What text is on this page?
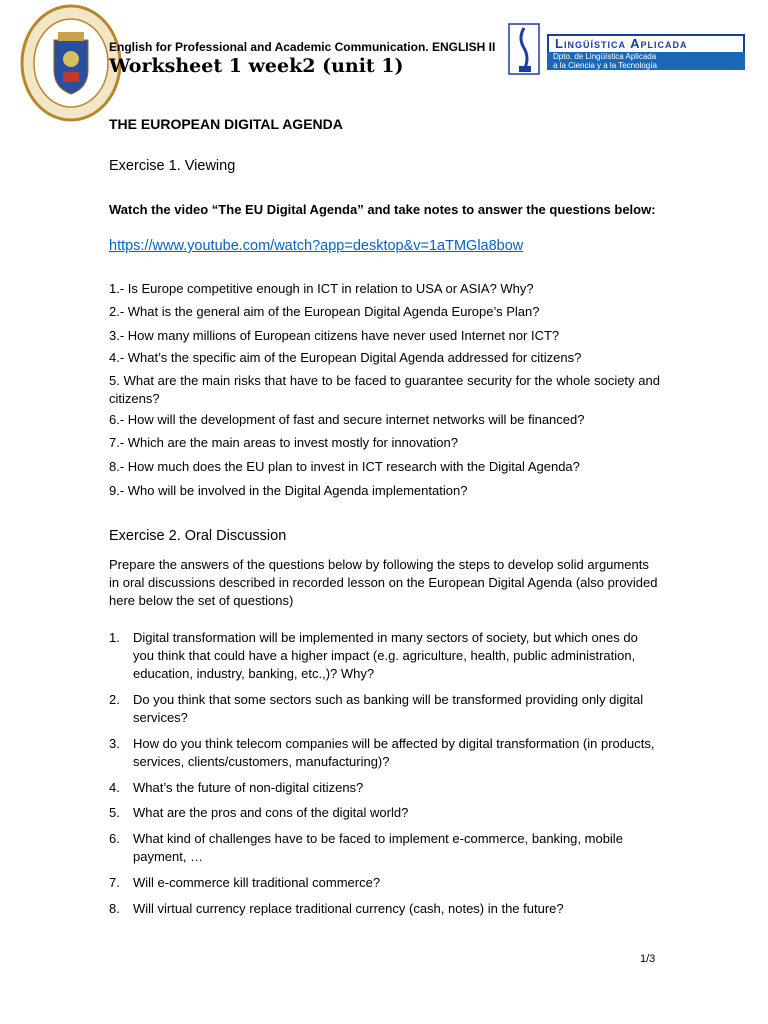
English for Professional and Academic Communication. ENGLISH II
Worksheet 1 week2 (unit 1)
Lingüística Aplicada
Dpto. de Lingüística Aplicada
a la Ciencia y a la Tecnología
THE EUROPEAN DIGITAL AGENDA
Exercise 1. Viewing
Watch the video “The EU Digital Agenda” and take notes to answer the questions below:
https://www.youtube.com/watch?app=desktop&v=1aTMGla8bow
1.- Is Europe competitive enough in ICT in relation to USA or ASIA? Why?
2.- What is the general aim of the European Digital Agenda Europe’s Plan?
3.- How many millions of European citizens have never used Internet nor ICT?
4.- What’s the specific aim of the European Digital Agenda addressed for citizens?
5. What are the main risks that have to be faced to guarantee security for the whole society and citizens?
6.- How will the development of fast and secure internet networks will be financed?
7.- Which are the main areas to invest mostly for innovation?
8.- How much does the EU plan to invest in ICT research with the Digital Agenda?
9.- Who will be involved in the Digital Agenda implementation?
Exercise 2. Oral Discussion
Prepare the answers of the questions below by following the steps to develop solid arguments in oral discussions described in recorded lesson on the European Digital Agenda (also provided here below the set of questions)
1. Digital transformation will be implemented in many sectors of society, but which ones do you think that could have a higher impact (e.g. agriculture, health, public administration, education, industry, banking, etc.,)? Why?
2. Do you think that some sectors such as banking will be transformed providing only digital services?
3. How do you think telecom companies will be affected by digital transformation (in products, services, clients/customers, manufacturing)?
4. What’s the future of non-digital citizens?
5. What are the pros and cons of the digital world?
6. What kind of challenges have to be faced to implement e-commerce, banking, mobile payment, …
7. Will e-commerce kill traditional commerce?
8. Will virtual currency replace traditional currency (cash, notes) in the future?
1/3
